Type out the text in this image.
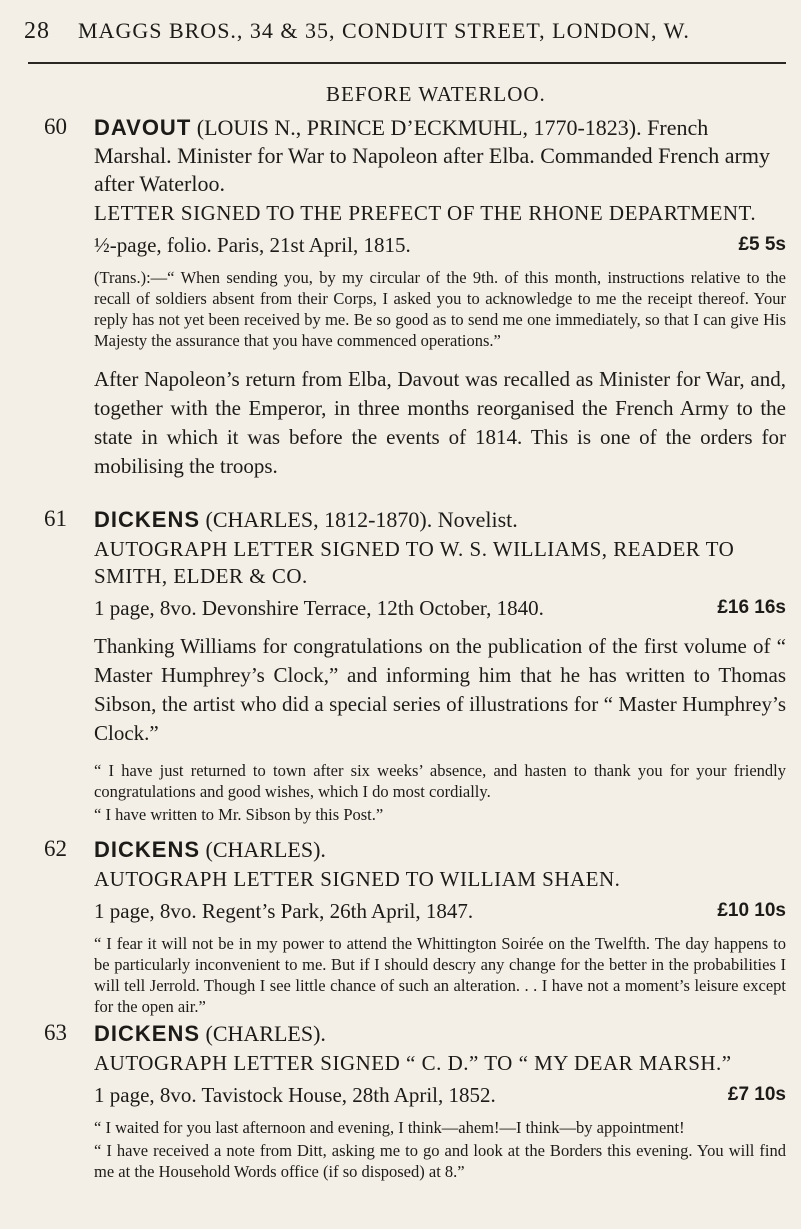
28 MAGGS BROS., 34 & 35, CONDUIT STREET, LONDON, W.
BEFORE WATERLOO.
60	DAVOUT (LOUIS N., PRINCE D’ECKMUHL, 1770-1823). French Marshal. Minister for War to Napoleon after Elba. Commanded French army after Waterloo.

LETTER SIGNED TO THE PREFECT OF THE RHONE DEPARTMENT.

½-page, folio. Paris, 21st April, 1815.	£5 5s

(Trans.):—“ When sending you, by my circular of the 9th. of this month, instructions relative to the recall of soldiers absent from their Corps, I asked you to acknowledge to me the receipt thereof. Your reply has not yet been received by me. Be so good as to send me one immediately, so that I can give His Majesty the assurance that you have commenced operations.”

After Napoleon’s return from Elba, Davout was recalled as Minister for War, and, together with the Emperor, in three months reorganised the French Army to the state in which it was before the events of 1814. This is one of the orders for mobilising the troops.

61	DICKENS (CHARLES, 1812-1870). Novelist.

AUTOGRAPH LETTER SIGNED TO W. S. WILLIAMS, READER TO SMITH, ELDER & CO.

1 page, 8vo. Devonshire Terrace, 12th October, 1840.	£16 16s

Thanking Williams for congratulations on the publication of the first volume of “ Master Humphrey’s Clock,” and informing him that he has written to Thomas Sibson, the artist who did a special series of illustrations for “ Master Humphrey’s Clock.”

“ I have just returned to town after six weeks’ absence, and hasten to thank you for your friendly congratulations and good wishes, which I do most cordially.

“ I have written to Mr. Sibson by this Post.”

62	DICKENS (CHARLES).

AUTOGRAPH LETTER SIGNED TO WILLIAM SHAEN.

1 page, 8vo. Regent’s Park, 26th April, 1847.	£10 10s

“ I fear it will not be in my power to attend the Whittington Soirée on the Twelfth. The day happens to be particularly inconvenient to me. But if I should descry any change for the better in the probabilities I will tell Jerrold. Though I see little chance of such an alteration. . . I have not a moment’s leisure except for the open air.”

63	DICKENS (CHARLES).

AUTOGRAPH LETTER SIGNED “ C. D.” TO “ MY DEAR MARSH.”

1 page, 8vo. Tavistock House, 28th April, 1852.	£7 10s

“ I waited for you last afternoon and evening, I think—ahem!—I think—by appointment!

“ I have received a note from Ditt, asking me to go and look at the Borders this evening. You will find me at the Household Words office (if so disposed) at 8.”
